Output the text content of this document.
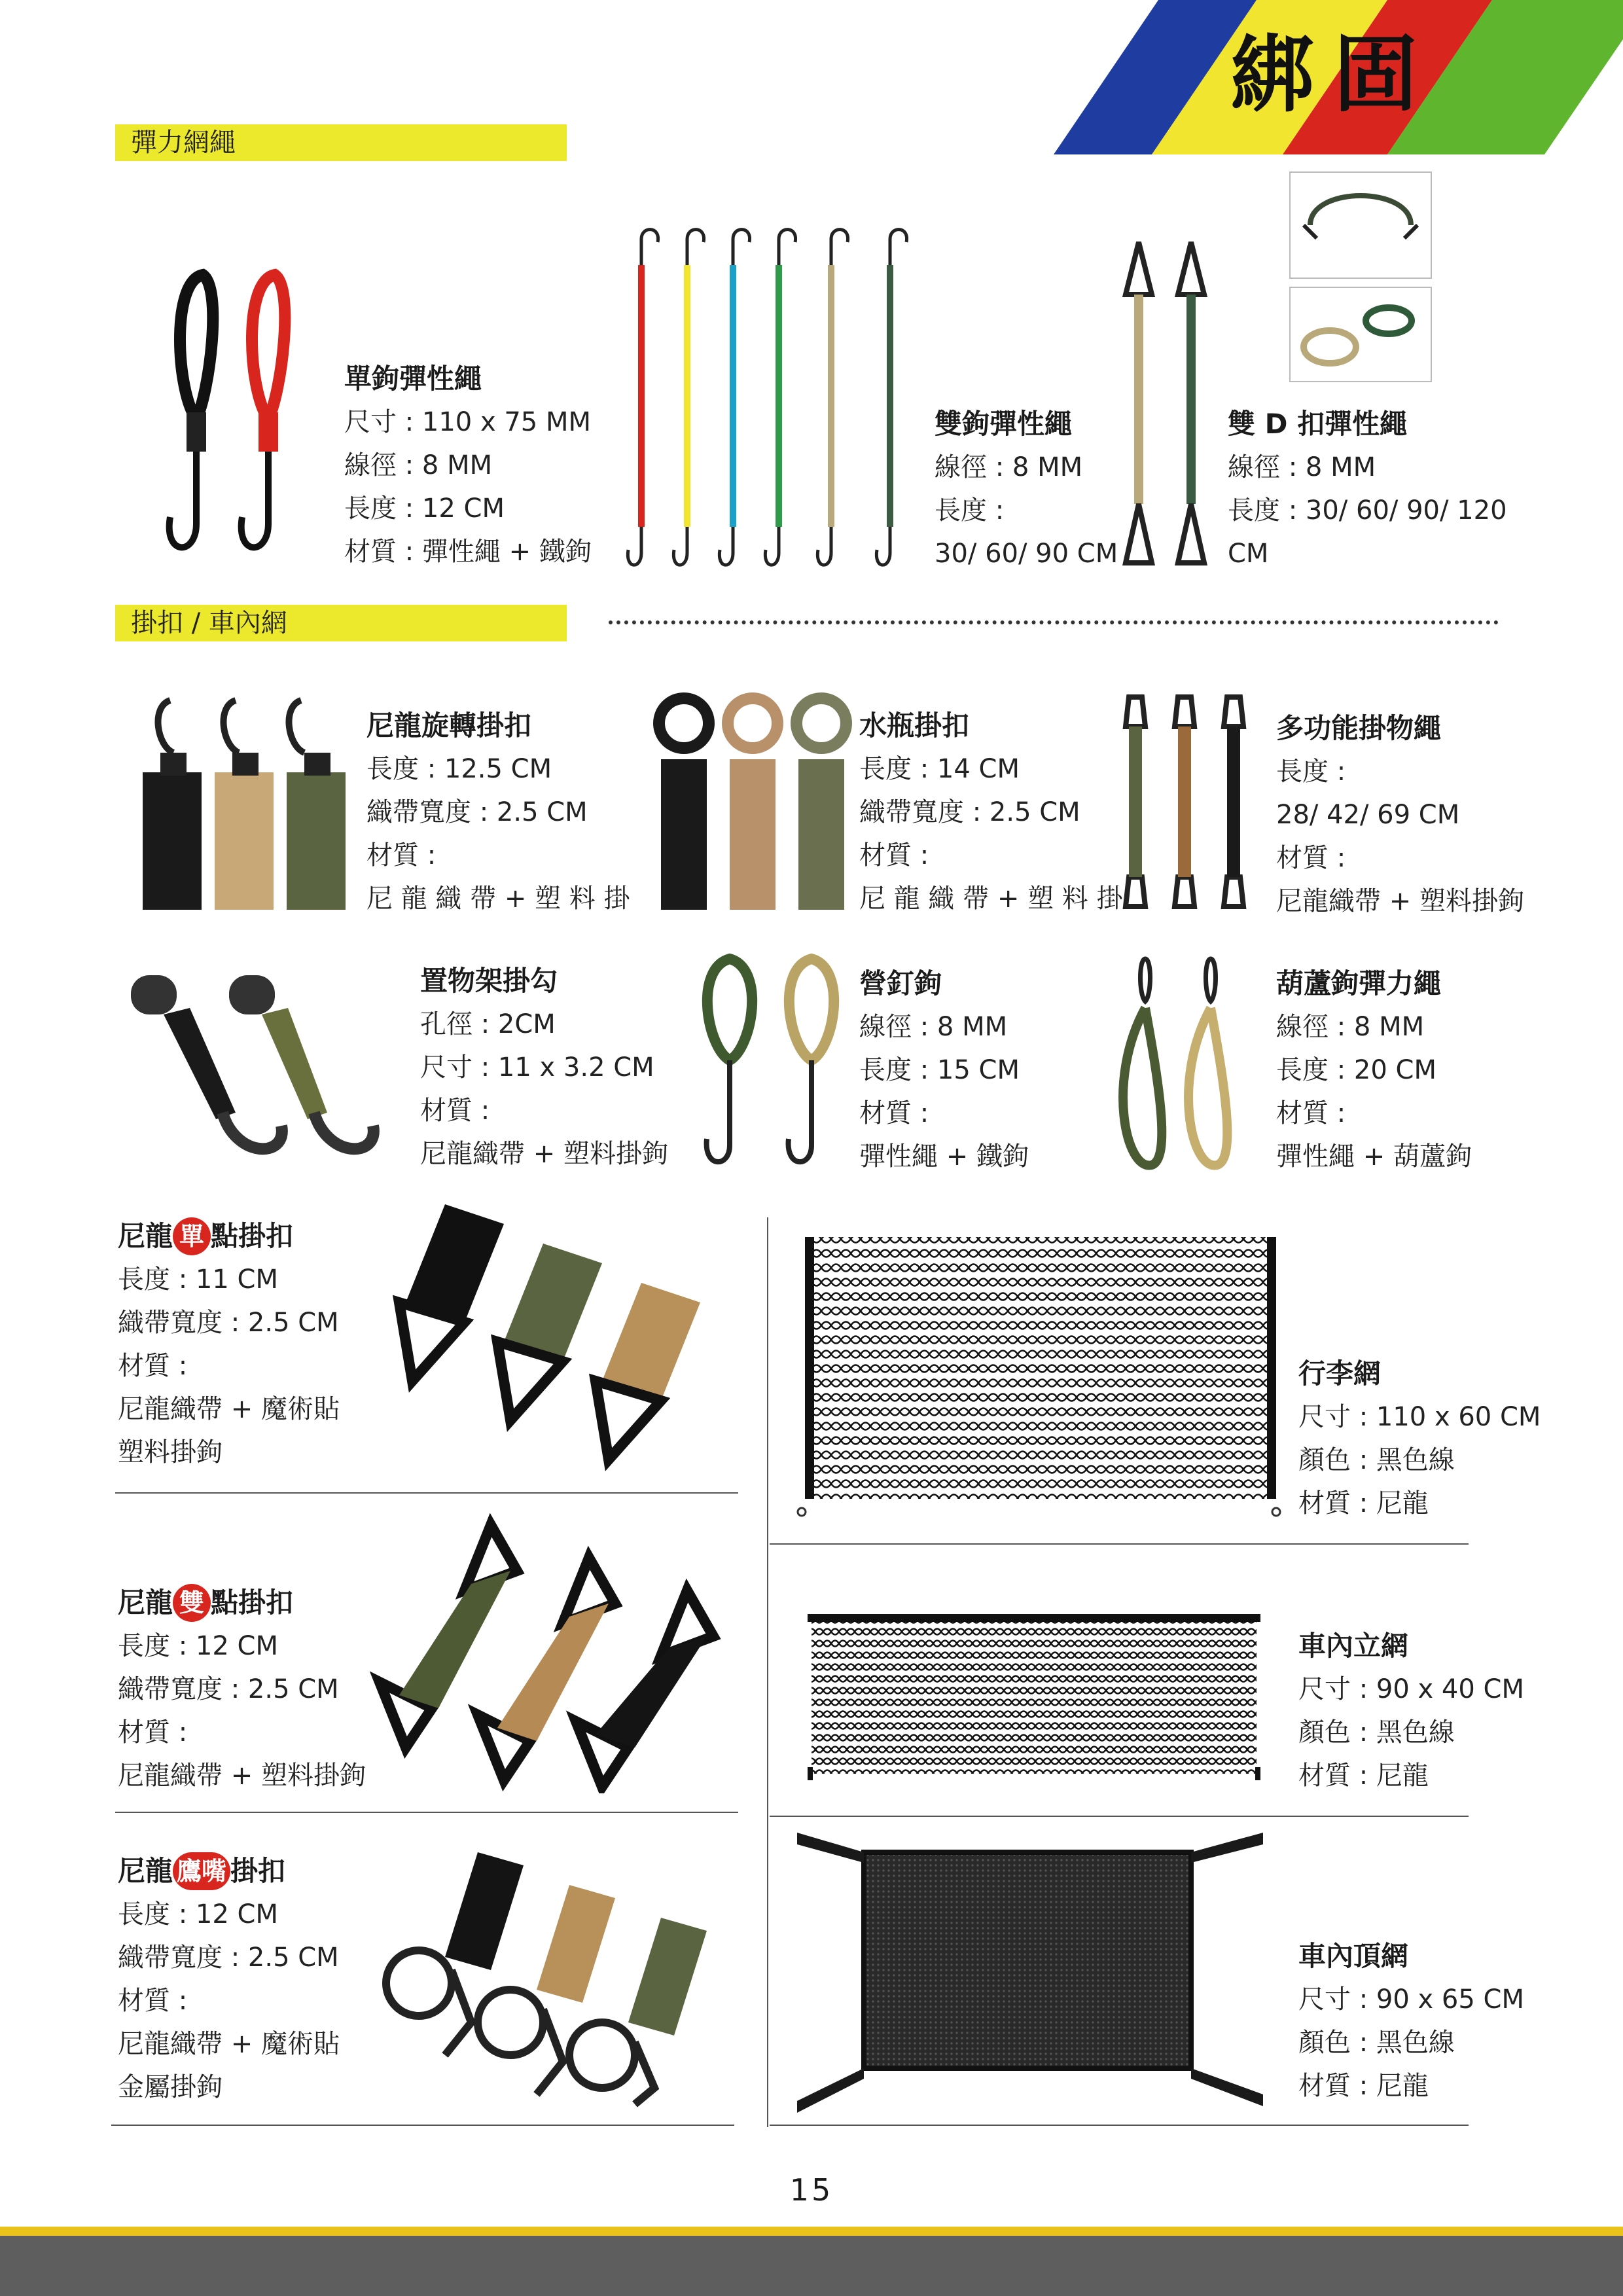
綁固
彈力網繩
掛扣 / 車內網
單鉤彈性繩
尺寸 : 110 x 75 MM
線徑 : 8 MM
長度 : 12 CM
材質 : 彈性繩 + 鐵鉤
雙鉤彈性繩
線徑 : 8 MM
長度 :
30/ 60/ 90 CM
雙 D 扣彈性繩
線徑 : 8 MM
長度 : 30/ 60/ 90/ 120
CM
尼龍旋轉掛扣
長度 : 12.5 CM
織帶寬度 : 2.5 CM
材質 :
尼 龍 織 帶 + 塑 料 掛
水瓶掛扣
長度 : 14 CM
織帶寬度 : 2.5 CM
材質 :
尼 龍 織 帶 + 塑 料 掛
多功能掛物繩
長度 :
28/ 42/ 69 CM
材質 :
尼龍織帶 + 塑料掛鉤
置物架掛勾
孔徑 : 2CM
尺寸 : 11 x 3.2 CM
材質 :
尼龍織帶 + 塑料掛鉤
營釘鉤
線徑 : 8 MM
長度 : 15 CM
材質 :
彈性繩 + 鐵鉤
葫蘆鉤彈力繩
線徑 : 8 MM
長度 : 20 CM
材質 :
彈性繩 + 葫蘆鉤
尼龍 單 點掛扣
長度 : 11 CM
織帶寬度 : 2.5 CM
材質 :
尼龍織帶 + 魔術貼
塑料掛鉤
尼龍 雙 點掛扣
長度 : 12 CM
織帶寬度 : 2.5 CM
材質 :
尼龍織帶 + 塑料掛鉤
尼龍 鷹嘴 掛扣
長度 : 12 CM
織帶寬度 : 2.5 CM
材質 :
尼龍織帶 + 魔術貼
金屬掛鉤
行李網
尺寸 : 110 x 60 CM
顏色 : 黑色線
材質 : 尼龍
車內立網
尺寸 : 90 x 40 CM
顏色 : 黑色線
材質 : 尼龍
車內頂網
尺寸 : 90 x 65 CM
顏色 : 黑色線
材質 : 尼龍
15
